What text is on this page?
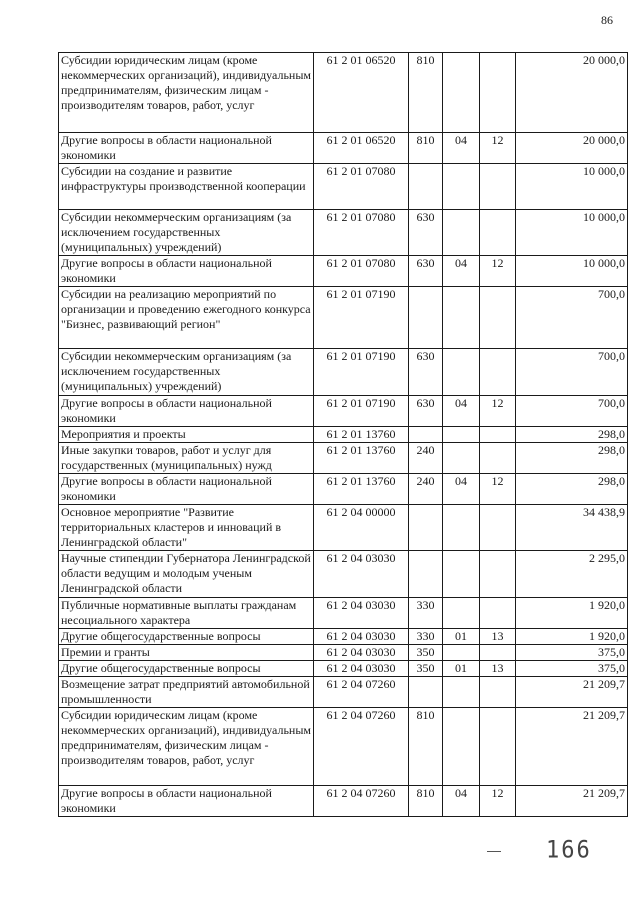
86
Субсидии юридическим лицам (кроме некоммерческих организаций), индивидуальным предпринимателям, физическим лицам - производителям товаров, работ, услуг	61 2 01 06520	810			20 000,0
Другие вопросы в области национальной экономики	61 2 01 06520	810	04	12	20 000,0
Субсидии на создание и развитие инфраструктуры производственной кооперации	61 2 01 07080				10 000,0
Субсидии некоммерческим организациям (за исключением государственных (муниципальных) учреждений)	61 2 01 07080	630			10 000,0
Другие вопросы в области национальной экономики	61 2 01 07080	630	04	12	10 000,0
Субсидии на реализацию мероприятий по организации и проведению ежегодного конкурса "Бизнес, развивающий регион"	61 2 01 07190				700,0
Субсидии некоммерческим организациям (за исключением государственных (муниципальных) учреждений)	61 2 01 07190	630			700,0
Другие вопросы в области национальной экономики	61 2 01 07190	630	04	12	700,0
Мероприятия и проекты	61 2 01 13760				298,0
Иные закупки товаров, работ и услуг для государственных (муниципальных) нужд	61 2 01 13760	240			298,0
Другие вопросы в области национальной экономики	61 2 01 13760	240	04	12	298,0
Основное мероприятие "Развитие территориальных кластеров и инноваций в Ленинградской области"	61 2 04 00000				34 438,9
Научные стипендии Губернатора Ленинградской области ведущим и молодым ученым Ленинградской области	61 2 04 03030				2 295,0
Публичные нормативные выплаты гражданам несоциального характера	61 2 04 03030	330			1 920,0
Другие общегосударственные вопросы	61 2 04 03030	330	01	13	1 920,0
Премии и гранты	61 2 04 03030	350			375,0
Другие общегосударственные вопросы	61 2 04 03030	350	01	13	375,0
Возмещение затрат предприятий автомобильной промышленности	61 2 04 07260				21 209,7
Субсидии юридическим лицам (кроме некоммерческих организаций), индивидуальным предпринимателям, физическим лицам - производителям товаров, работ, услуг	61 2 04 07260	810			21 209,7
Другие вопросы в области национальной экономики	61 2 04 07260	810	04	12	21 209,7
166
